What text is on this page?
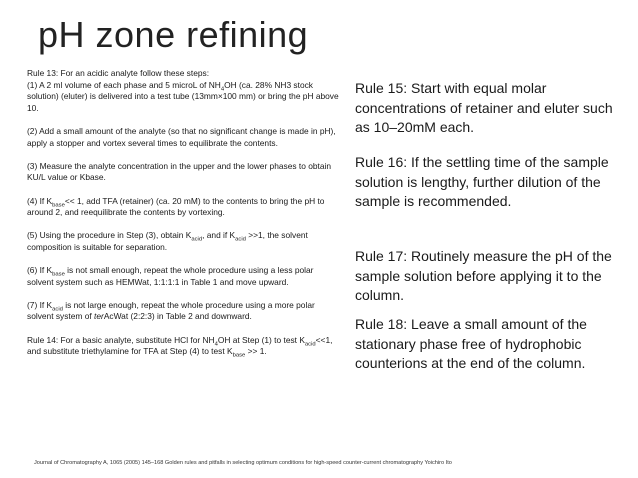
pH zone refining
Rule 13: For an acidic analyte follow these steps:

(1) A 2 ml volume of each phase and 5 microL of $NH_4OH$ (ca. 28% NH3 stock solution) (eluter) is delivered into a test tube (13mm×100 mm) or bring the pH above 10.

(2) Add a small amount of the analyte (so that no significant change is made in pH), apply a stopper and vortex several times to equilibrate the contents.

(3) Measure the analyte concentration in the upper and the lower phases to obtain KU/L value or Kbase.

(4) If $K_{base}<< 1$, add TFA (retainer) (ca. 20 mM) to the contents to bring the pH to around 2, and reequilibrate the contents by vortexing.

(5) Using the procedure in Step (3), obtain $K_{acid}$, and if $K_{acid} >>1$, the solvent composition is suitable for separation.

(6) If $K_{base}$ is not small enough, repeat the whole procedure using a less polar solvent system such as HEMWat, 1:1:1:1 in Table 1 and move upward.

(7) If $K_{acid}$ is not large enough, repeat the whole procedure using a more polar solvent system of terAcWat (2:2:3) in Table 2 and downward.

Rule 14: For a basic analyte, substitute HCl for $NH_4OH$ at Step (1) to test $K_{acid}<<1$, and substitute triethylamine for TFA at Step (4) to test $K_{base} >> 1$.

Rule 15: Start with equal molar concentrations of retainer and eluter such as 10–20mM each.
Rule 16: If the settling time of the sample solution is lengthy, further dilution of the sample is recommended.
Rule 17: Routinely measure the pH of the sample solution before applying it to the column.
Rule 18: Leave a small amount of the stationary phase free of hydrophobic counterions at the end of the column.
Journal of Chromatography A, 1065 (2005) 145–168 Golden rules and pitfalls in selecting optimum conditions for high-speed counter-current chromatography Yoichiro Ito
